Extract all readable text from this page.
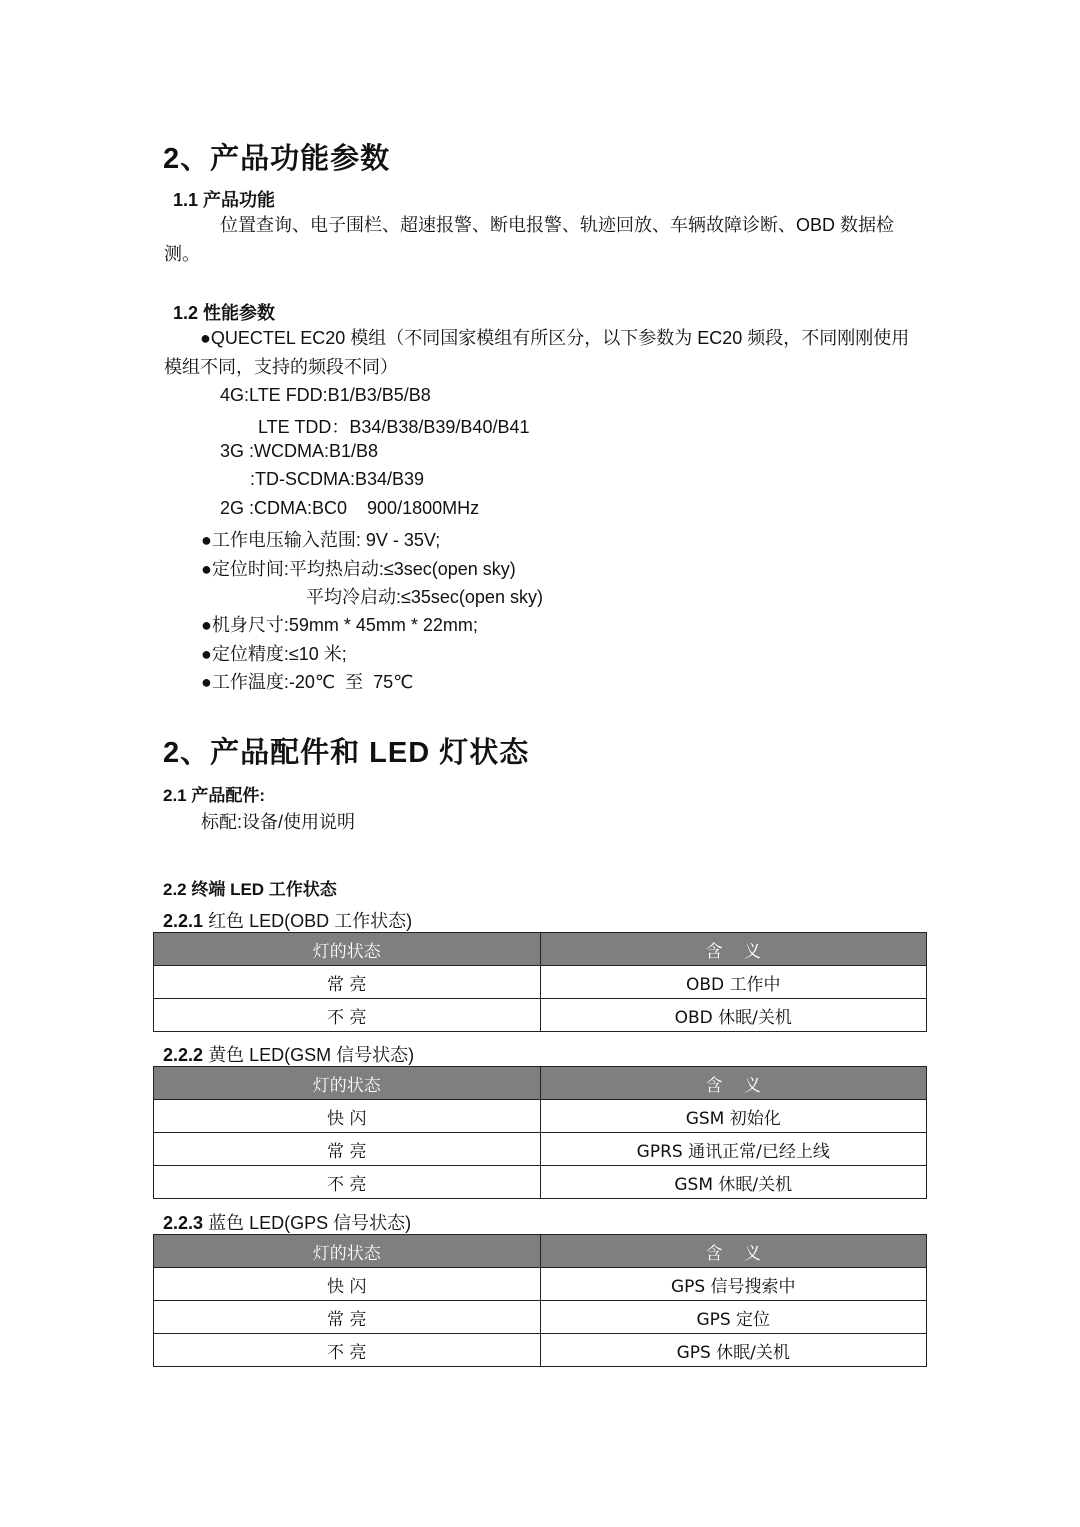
2、产品功能参数
1.1 产品功能
位置查询、电子围栏、超速报警、断电报警、轨迹回放、车辆故障诊断、OBD 数据检测。
1.2 性能参数
●QUECTEL EC20 模组（不同国家模组有所区分，以下参数为 EC20 频段，不同刚刚使用模组不同，支持的频段不同）
4G:LTE FDD:B1/B3/B5/B8
LTE TDD：B34/B38/B39/B40/B41
3G :WCDMA:B1/B8
:TD-SCDMA:B34/B39
2G :CDMA:BC0    900/1800MHz
●工作电压输入范围: 9V - 35V;
●定位时间:平均热启动:≤3sec(open sky)
平均冷启动:≤35sec(open sky)
●机身尺寸:59mm * 45mm * 22mm;
●定位精度:≤10 米;
●工作温度:-20℃  至  75℃
2、产品配件和 LED 灯状态
2.1 产品配件:
标配:设备/使用说明
2.2 终端 LED 工作状态
2.2.1 红色 LED(OBD 工作状态)
灯的状态	含    义
常 亮	OBD 工作中
不 亮	OBD 休眠/关机
2.2.2 黄色 LED(GSM 信号状态)
灯的状态	含    义
快 闪	GSM 初始化
常 亮	GPRS 通讯正常/已经上线
不 亮	GSM 休眠/关机
2.2.3 蓝色 LED(GPS 信号状态)
灯的状态	含    义
快 闪	GPS 信号搜索中
常 亮	GPS 定位
不 亮	GPS 休眠/关机
